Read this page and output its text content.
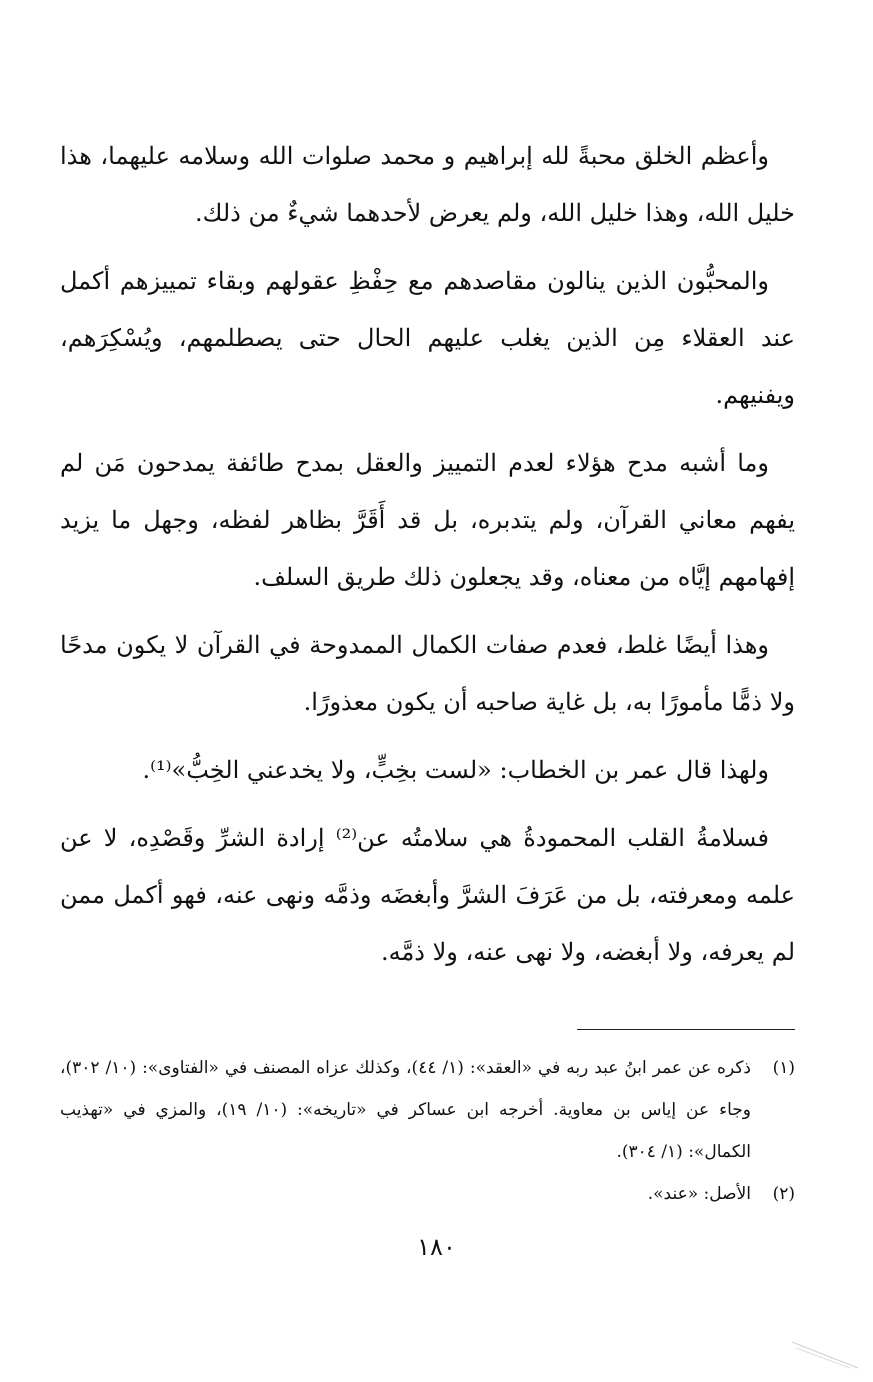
وأعظم الخلق محبةً لله إبراهيم و محمد صلوات الله وسلامه عليهما، هذا خليل الله، وهذا خليل الله، ولم يعرض لأحدهما شيءٌ من ذلك.

والمحبُّون الذين ينالون مقاصدهم مع حِفْظِ عقولهم وبقاء تمييزهم أكمل عند العقلاء مِن الذين يغلب عليهم الحال حتى يصطلمهم، ويُسْكِرَهم، ويفنيهم.

وما أشبه مدح هؤلاء لعدم التمييز والعقل بمدح طائفة يمدحون مَن لم يفهم معاني القرآن، ولم يتدبره، بل قد أَقَرَّ بظاهر لفظه، وجهل ما يزيد إفهامهم إيَّاه من معناه، وقد يجعلون ذلك طريق السلف.

وهذا أيضًا غلط، فعدم صفات الكمال الممدوحة في القرآن لا يكون مدحًا ولا ذمًّا مأمورًا به، بل غاية صاحبه أن يكون معذورًا.

ولهذا قال عمر بن الخطاب: «لست بخِبٍّ، ولا يخدعني الخِبُّ»⁽¹⁾.

فسلامةُ القلب المحمودةُ هي سلامتُه عن⁽²⁾ إرادة الشرِّ وقَصْدِه، لا عن علمه ومعرفته، بل من عَرَفَ الشرَّ وأبغضَه وذمَّه ونهى عنه، فهو أكمل ممن لم يعرفه، ولا أبغضه، ولا نهى عنه، ولا ذمَّه.

(١)
ذكره عن عمر ابنُ عبد ربه في «العقد»: (١/ ٤٤)، وكذلك عزاه المصنف في «الفتاوى»: (١٠/ ٣٠٢)، وجاء عن إياس بن معاوية. أخرجه ابن عساكر في «تاريخه»: (١٠/ ١٩)، والمزي في «تهذيب الكمال»: (١/ ٣٠٤).
(٢)
الأصل: «عند».
١٨٠
